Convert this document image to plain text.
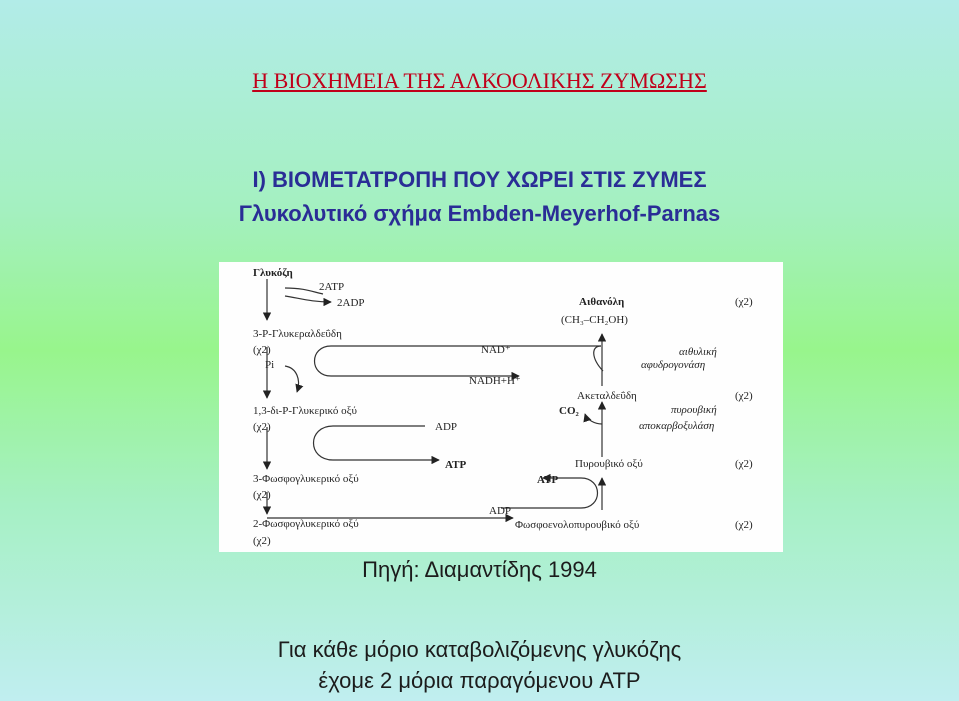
Η ΒΙΟΧΗΜΕΙΑ ΤΗΣ ΑΛΚΟΟΛΙΚΗΣ ΖΥΜΩΣΗΣ
Ι) ΒΙΟΜΕΤΑΤΡΟΠΗ ΠΟΥ ΧΩΡΕΙ ΣΤΙΣ ΖΥΜΕΣ
Γλυκολυτικό σχήμα Embden-Meyerhof-Parnas
Γλυκόζη
2ATP
2ADP
3-Ρ-Γλυκεραλδεΰδη
(χ2)
Pi
NAD⁺
NADH+H⁺
1,3-δι-Ρ-Γλυκερικό οξύ
(χ2)	ADP
ATP
3-Φωσφογλυκερικό οξύ
(χ2)
2-Φωσφογλυκερικό οξύ
(χ2)
ADP
ATP
Φωσφοενολοπυρουβικό οξύ	(χ2)
Πυρουβικό οξύ	(χ2)
CO₂	πυρουβική
αποκαρβοξυλάση
Ακεταλδεΰδη	(χ2)
αιθυλική
αφυδρογονάση
Αιθανόλη	(χ2)
(CH₃–CH₂OH)
Πηγή: Διαμαντίδης 1994
Για κάθε μόριο καταβολιζόμενης γλυκόζης
έχομε 2 μόρια παραγόμενου ATP
